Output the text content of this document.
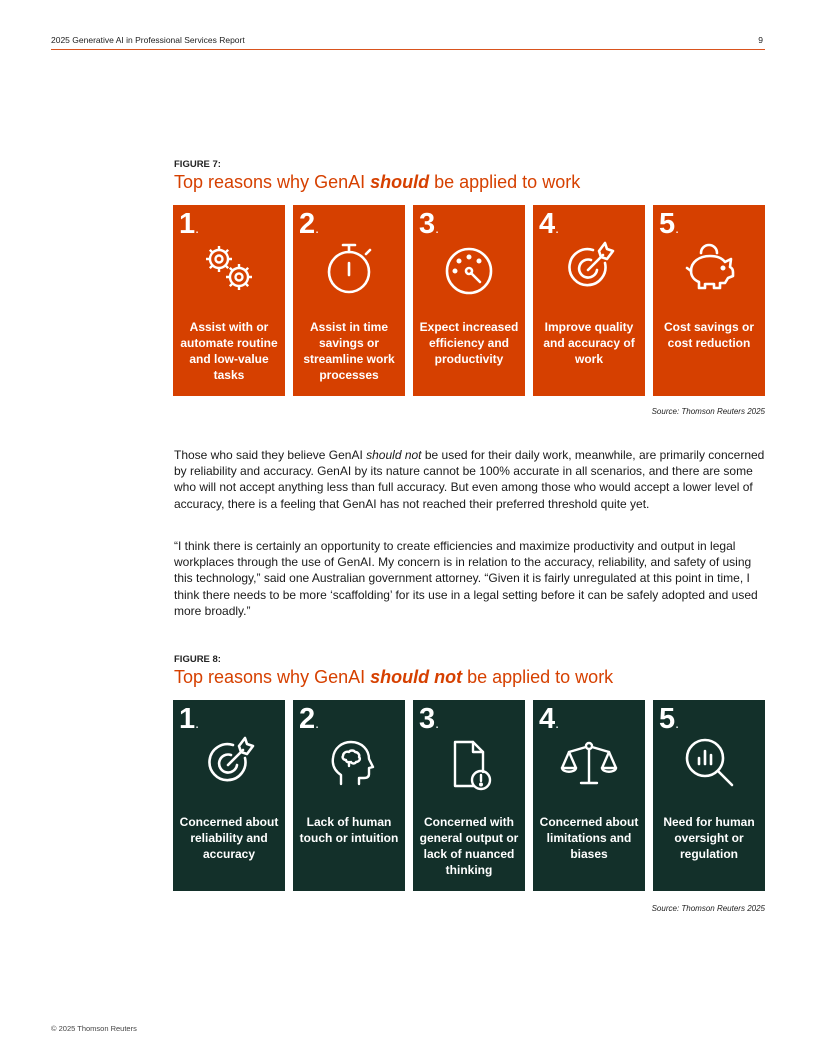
2025 Generative AI in Professional Services Report	9
FIGURE 7:
Top reasons why GenAI should be applied to work
1.
Assist with or automate routine and low-value tasks
2.
Assist in time savings or streamline work processes
3.
Expect increased efficiency and productivity
4.
Improve quality and accuracy of work
5.
Cost savings or cost reduction
Source: Thomson Reuters 2025

Those who said they believe GenAI should not be used for their daily work, meanwhile, are primarily concerned by reliability and accuracy. GenAI by its nature cannot be 100% accurate in all scenarios, and there are some who will not accept anything less than full accuracy. But even among those who would accept a lower level of accuracy, there is a feeling that GenAI has not reached their preferred threshold quite yet.

“I think there is certainly an opportunity to create efficiencies and maximize productivity and output in legal workplaces through the use of GenAI. My concern is in relation to the accuracy, reliability, and safety of using this technology,” said one Australian government attorney. “Given it is fairly unregulated at this point in time, I think there needs to be more ‘scaffolding’ for its use in a legal setting before it can be safely adopted and used more broadly.”

FIGURE 8:
Top reasons why GenAI should not be applied to work
1.
Concerned about reliability and accuracy
2.
Lack of human touch or intuition
3.
Concerned with general output or lack of nuanced thinking
4.
Concerned about limitations and biases
5.
Need for human oversight or regulation
Source: Thomson Reuters 2025
© 2025 Thomson Reuters
